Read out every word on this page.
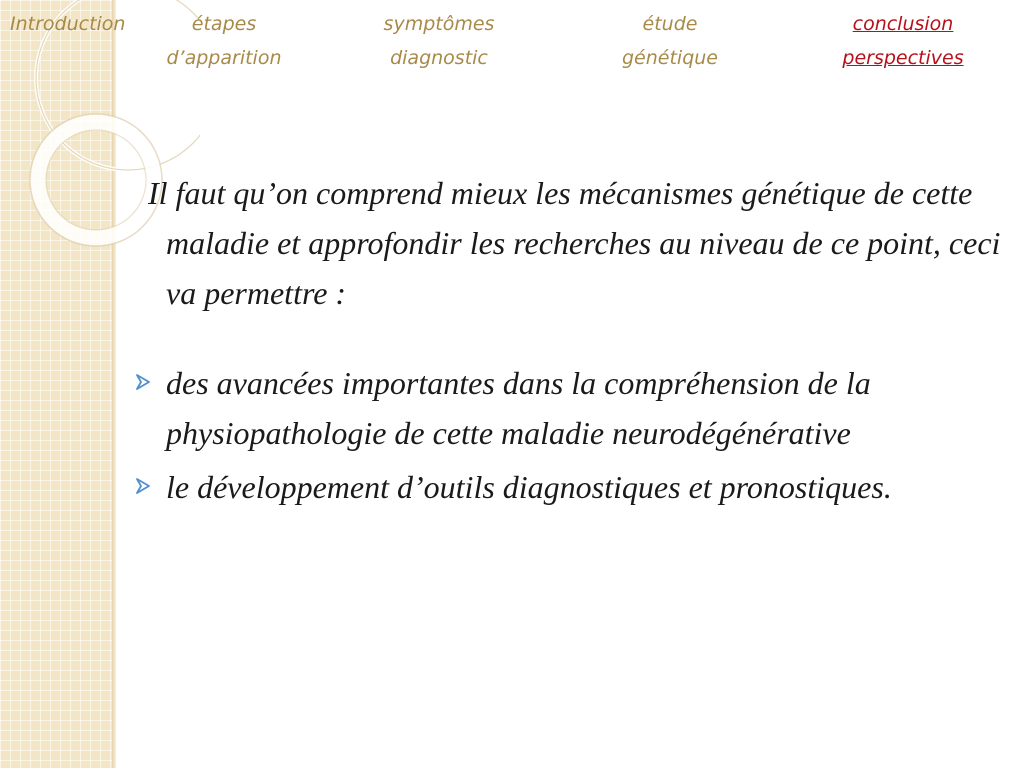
Introduction	étapes
d’apparition
symptômes
diagnostic
étude
génétique
conclusion
perspectives

Il faut qu’on comprend mieux les mécanismes génétique de cette maladie et approfondir les recherches au niveau de ce point, ceci va permettre :

des avancées importantes dans la compréhension de la physiopathologie de cette maladie neurodégénérative
le développement d’outils diagnostiques et pronostiques.
